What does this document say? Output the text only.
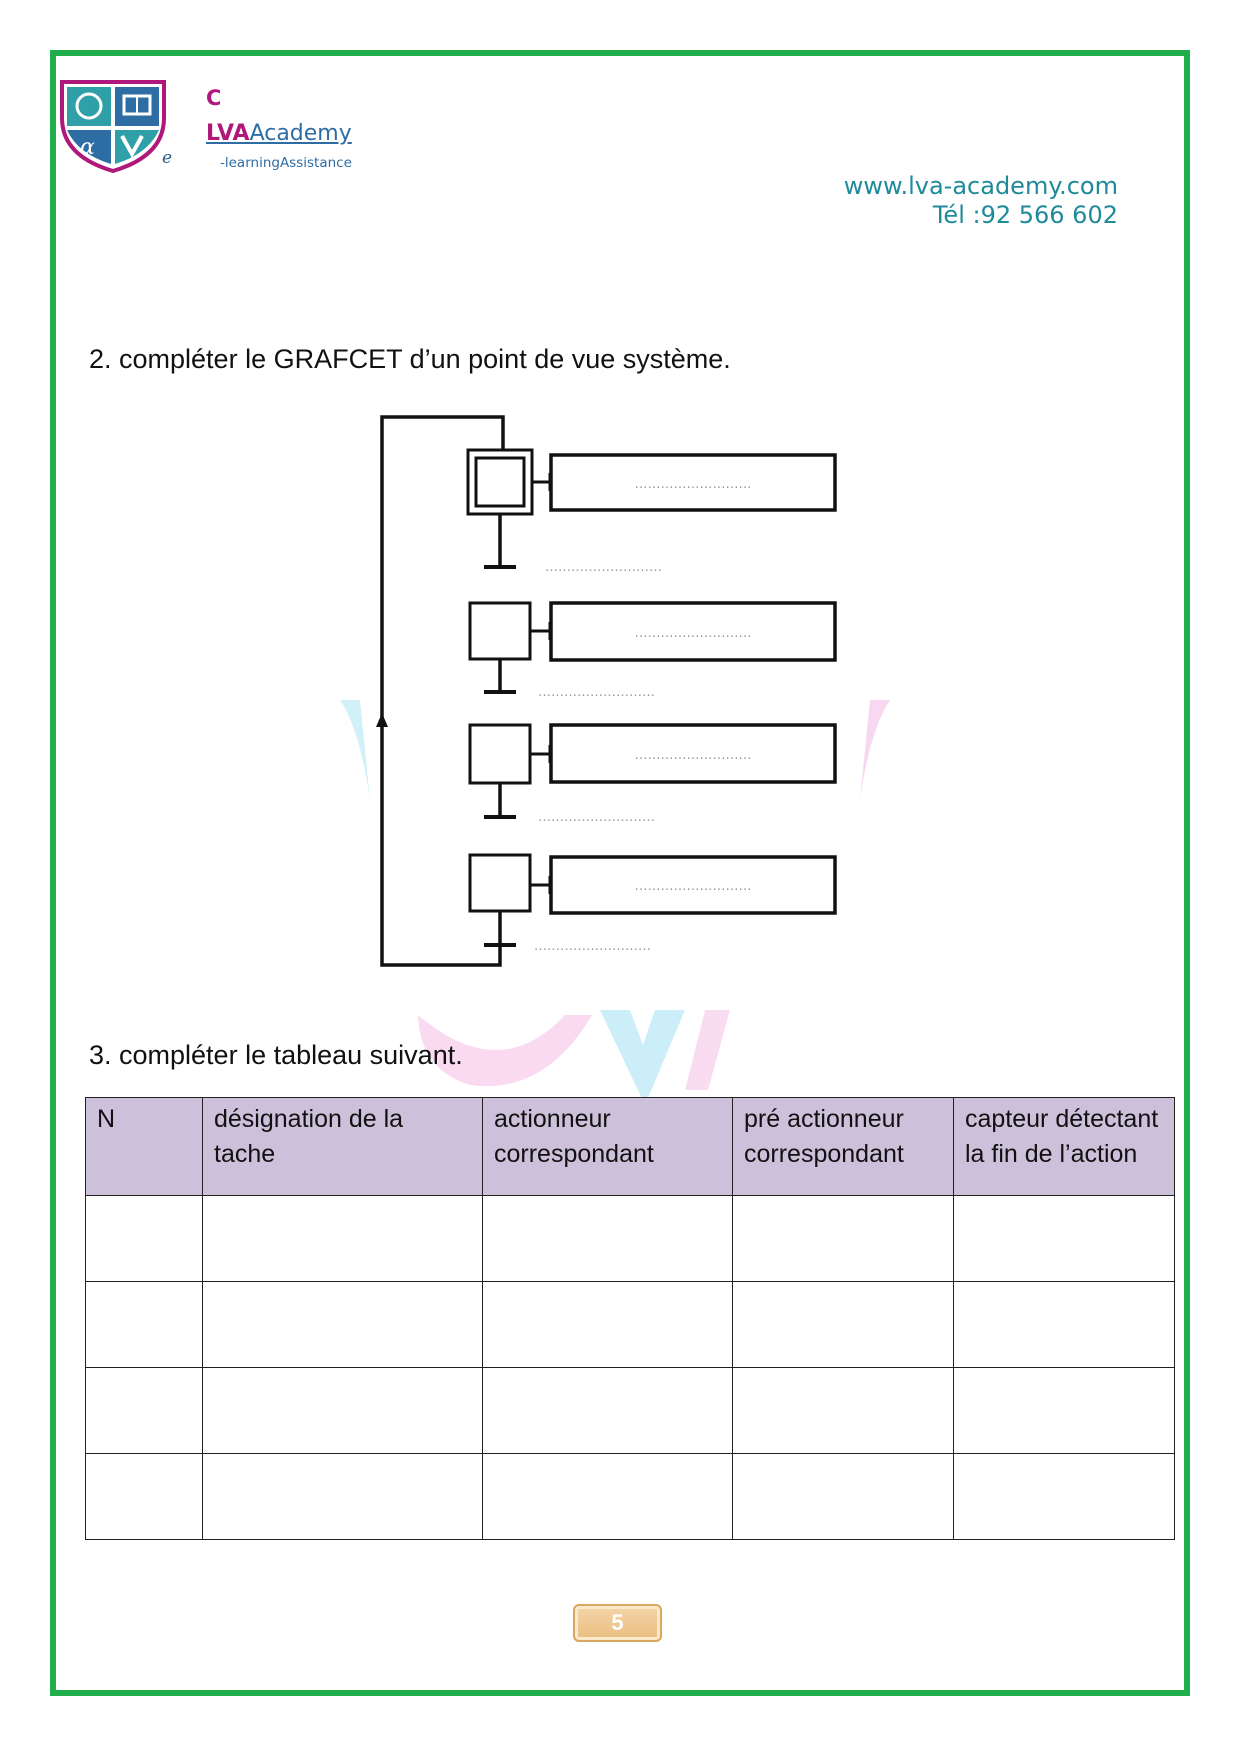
α	e
C
LVAAcademy
-learningAssistance
www.lva-academy.com
Tél :92 566 602
2. compléter le GRAFCET d’un point de vue système.
………………………
………………………
………………………
………………………
………………………
………………………
………………………
………………………
3. compléter le tableau suivant.
N	désignation de la tache	actionneur correspondant	pré actionneur correspondant	capteur détectant la fin de l’action

5
